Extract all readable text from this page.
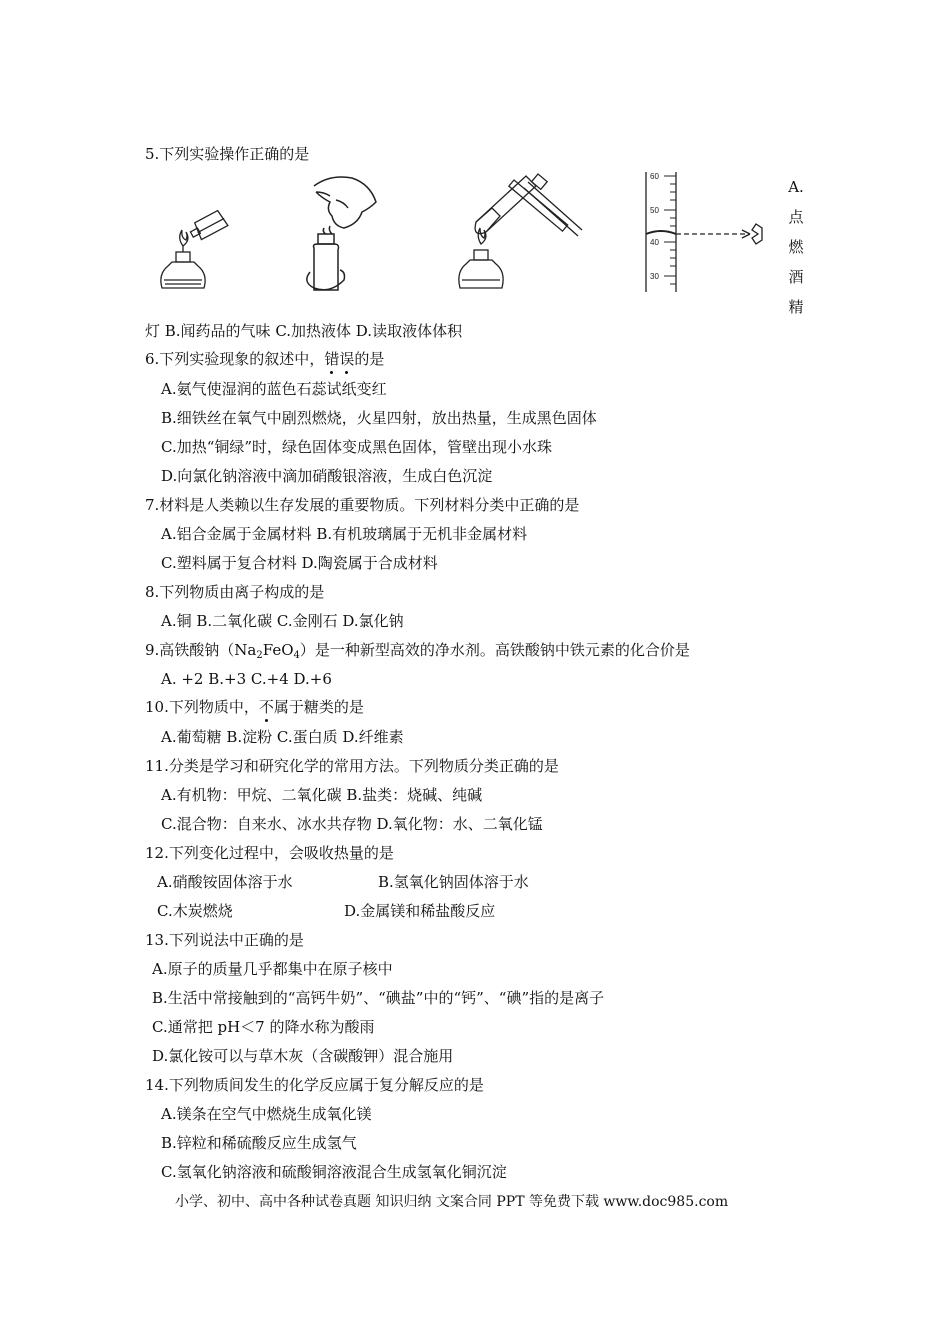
5.下列实验操作正确的是
60
50
40
30
A.
点
燃
酒
精
灯 B.闻药品的气味 C.加热液体 D.读取液体体积
6.下列实验现象的叙述中，错误的是
A.氨气使湿润的蓝色石蕊试纸变红
B.细铁丝在氧气中剧烈燃烧，火星四射，放出热量，生成黑色固体
C.加热“铜绿”时，绿色固体变成黑色固体，管壁出现小水珠
D.向氯化钠溶液中滴加硝酸银溶液，生成白色沉淀
7.材料是人类赖以生存发展的重要物质。下列材料分类中正确的是
A.铝合金属于金属材料 B.有机玻璃属于无机非金属材料
C.塑料属于复合材料 D.陶瓷属于合成材料
8.下列物质由离子构成的是
A.铜 B.二氧化碳 C.金刚石 D.氯化钠
9.高铁酸钠$(Na_2FeO_4)$是一种新型高效的净水剂。高铁酸钠中铁元素的化合价是
A. +2 B.+3 C.+4 D.+6
10.下列物质中，不属于糖类的是
A.葡萄糖 B.淀粉 C.蛋白质 D.纤维素
11.分类是学习和研究化学的常用方法。下列物质分类正确的是
A.有机物：甲烷、二氧化碳 B.盐类：烧碱、纯碱
C.混合物：自来水、冰水共存物 D.氧化物：水、二氧化锰
12.下列变化过程中，会吸收热量的是
A.硝酸铵固体溶于水	B.氢氧化钠固体溶于水
C.木炭燃烧	D.金属镁和稀盐酸反应
13.下列说法中正确的是
A.原子的质量几乎都集中在原子核中
B.生活中常接触到的“高钙牛奶”、“碘盐”中的“钙”、“碘”指的是离子
C.通常把 pH＜7 的降水称为酸雨
D.氯化铵可以与草木灰（含碳酸钾）混合施用
14.下列物质间发生的化学反应属于复分解反应的是
A.镁条在空气中燃烧生成氧化镁
B.锌粒和稀硫酸反应生成氢气
C.氢氧化钠溶液和硫酸铜溶液混合生成氢氧化铜沉淀
小学、初中、高中各种试卷真题 知识归纳 文案合同 PPT 等免费下载 www.doc985.com
